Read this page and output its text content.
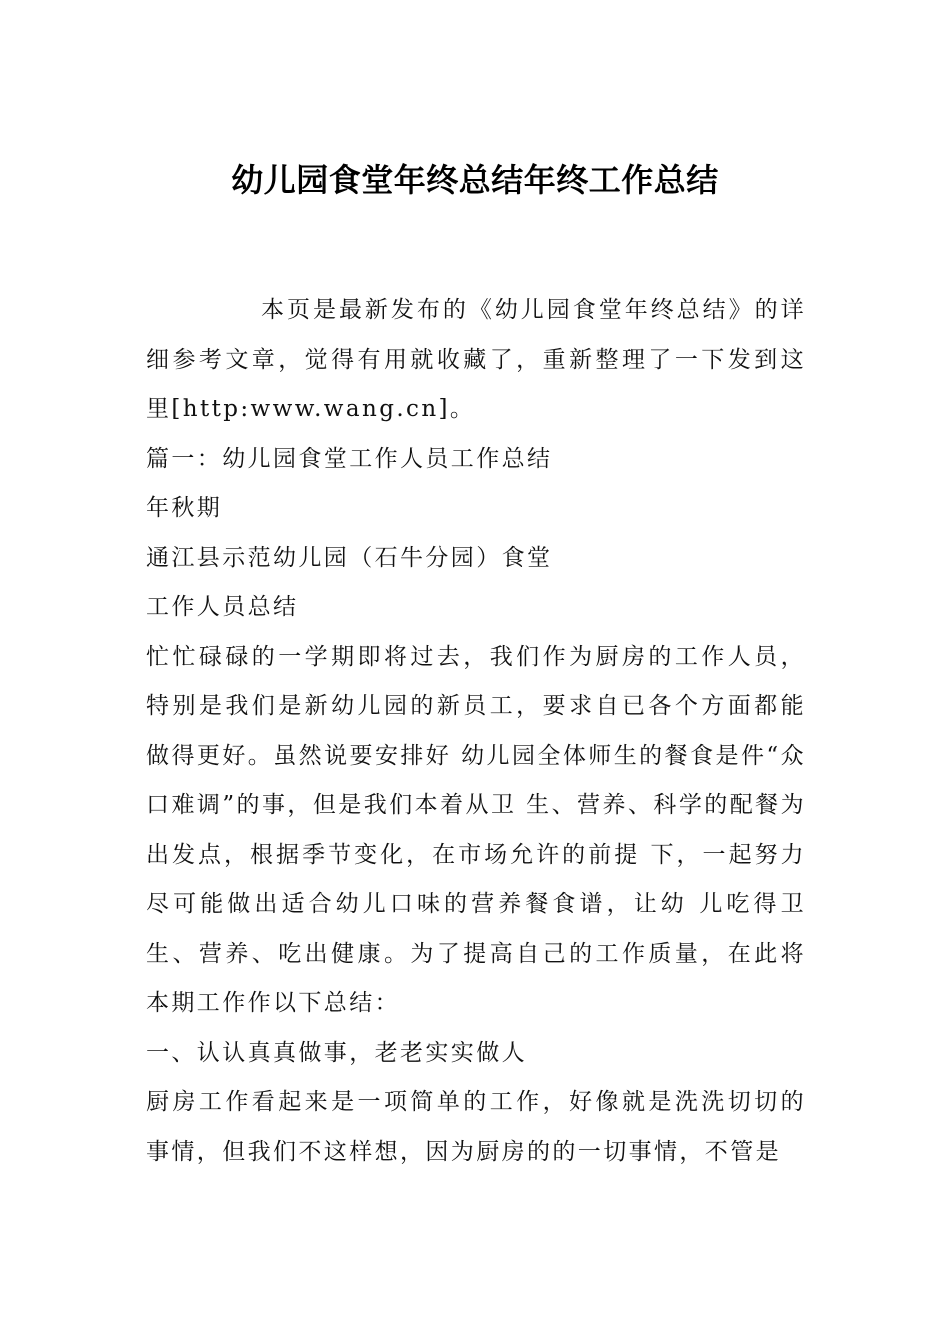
幼儿园食堂年终总结年终工作总结

本页是最新发布的《幼儿园食堂年终总结》的详细参考文章，觉得有用就收藏了，重新整理了一下发到这里[http:www.wang.cn]。

篇一：幼儿园食堂工作人员工作总结

年秋期

通江县示范幼儿园（石牛分园）食堂

工作人员总结

忙忙碌碌的一学期即将过去，我们作为厨房的工作人员，特别是我们是新幼儿园的新员工，要求自已各个方面都能做得更好。虽然说要安排好 幼儿园全体师生的餐食是件“众口难调”的事，但是我们本着从卫 生、营养、科学的配餐为出发点，根据季节变化，在市场允许的前提 下，一起努力尽可能做出适合幼儿口味的营养餐食谱，让幼 儿吃得卫生、营养、吃出健康。为了提高自己的工作质量，在此将本期工作作以下总结：

一、认认真真做事，老老实实做人

厨房工作看起来是一项简单的工作，好像就是洗洗切切的事情，但我们不这样想，因为厨房的的一切事情，不管是
